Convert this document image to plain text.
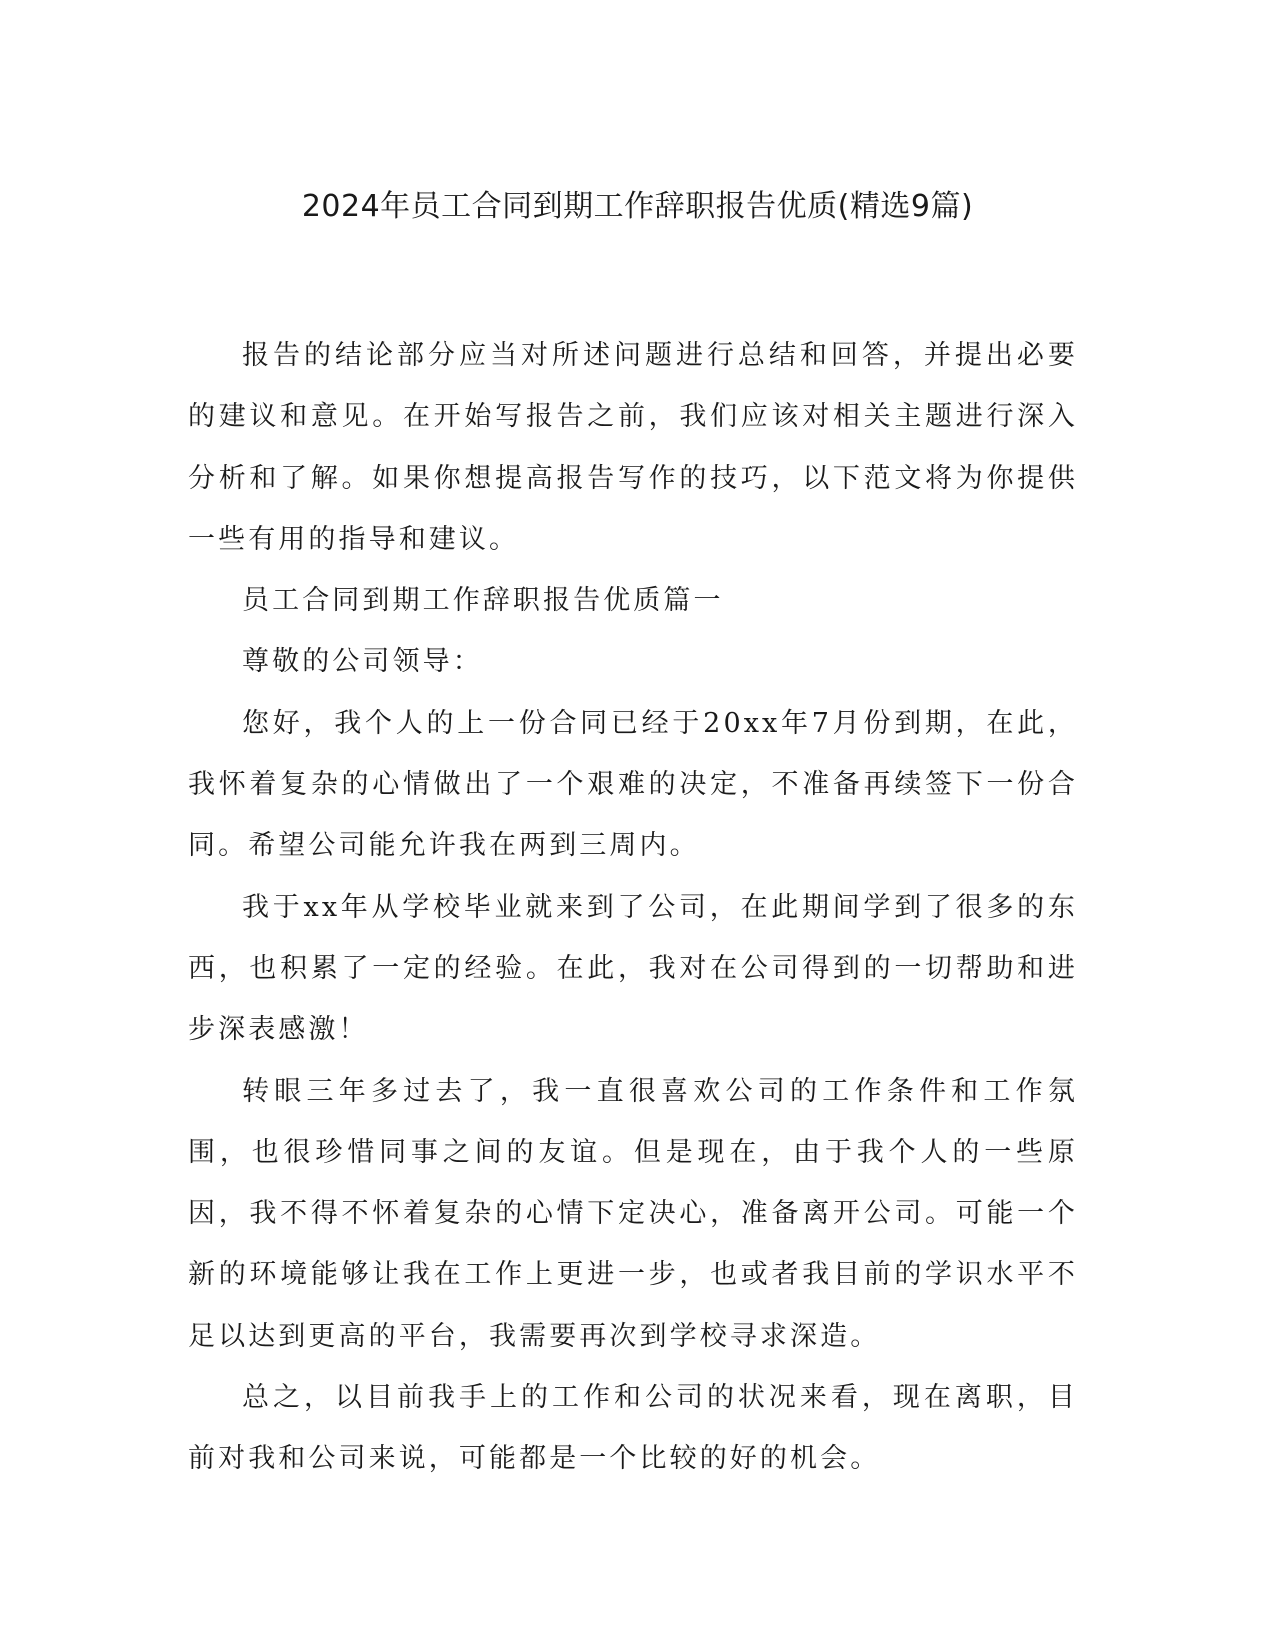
2024年员工合同到期工作辞职报告优质(精选9篇)

报告的结论部分应当对所述问题进行总结和回答，并提出必要的建议和意见。在开始写报告之前，我们应该对相关主题进行深入分析和了解。如果你想提高报告写作的技巧，以下范文将为你提供一些有用的指导和建议。

员工合同到期工作辞职报告优质篇一

尊敬的公司领导：

您好，我个人的上一份合同已经于20xx年7月份到期，在此，我怀着复杂的心情做出了一个艰难的决定，不准备再续签下一份合同。希望公司能允许我在两到三周内。

我于xx年从学校毕业就来到了公司，在此期间学到了很多的东西，也积累了一定的经验。在此，我对在公司得到的一切帮助和进步深表感激！

转眼三年多过去了，我一直很喜欢公司的工作条件和工作氛围，也很珍惜同事之间的友谊。但是现在，由于我个人的一些原因，我不得不怀着复杂的心情下定决心，准备离开公司。可能一个新的环境能够让我在工作上更进一步，也或者我目前的学识水平不足以达到更高的平台，我需要再次到学校寻求深造。

总之，以目前我手上的工作和公司的状况来看，现在离职，目前对我和公司来说，可能都是一个比较的好的机会。
